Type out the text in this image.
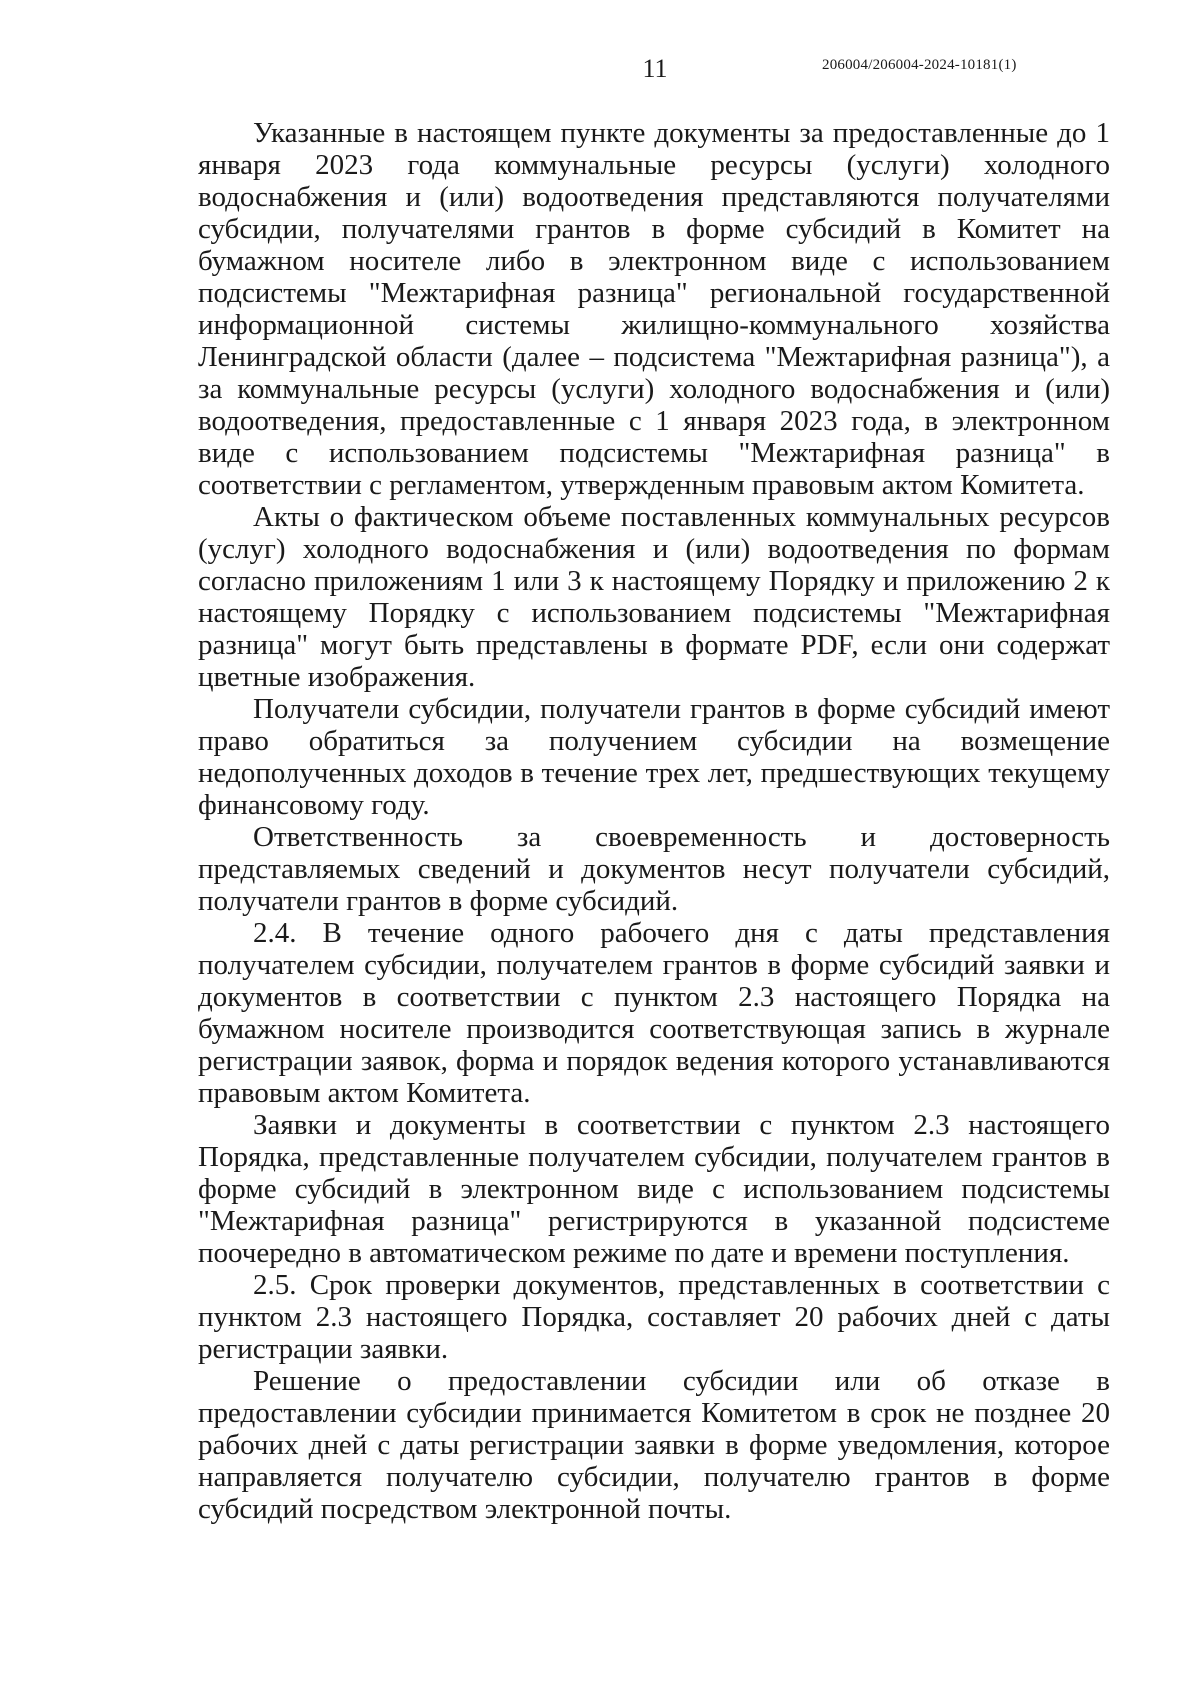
11	206004/206004-2024-10181(1)

Указанные в настоящем пункте документы за предоставленные до 1 января 2023 года коммунальные ресурсы (услуги) холодного водоснабжения и (или) водоотведения представляются получателями субсидии, получателями грантов в форме субсидий в Комитет на бумажном носителе либо в электронном виде с использованием подсистемы "Межтарифная разница" региональной государственной информационной системы жилищно-коммунального хозяйства Ленинградской области (далее – подсистема "Межтарифная разница"), а за коммунальные ресурсы (услуги) холодного водоснабжения и (или) водоотведения, предоставленные с 1 января 2023 года, в электронном виде с использованием подсистемы "Межтарифная разница" в соответствии с регламентом, утвержденным правовым актом Комитета.

Акты о фактическом объеме поставленных коммунальных ресурсов (услуг) холодного водоснабжения и (или) водоотведения по формам согласно приложениям 1 или 3 к настоящему Порядку и приложению 2 к настоящему Порядку с использованием подсистемы "Межтарифная разница" могут быть представлены в формате PDF, если они содержат цветные изображения.

Получатели субсидии, получатели грантов в форме субсидий имеют право обратиться за получением субсидии на возмещение недополученных доходов в течение трех лет, предшествующих текущему финансовому году.

Ответственность за своевременность и достоверность представляемых сведений и документов несут получатели субсидий, получатели грантов в форме субсидий.

2.4. В течение одного рабочего дня с даты представления получателем субсидии, получателем грантов в форме субсидий заявки и документов в соответствии с пунктом 2.3 настоящего Порядка на бумажном носителе производится соответствующая запись в журнале регистрации заявок, форма и порядок ведения которого устанавливаются правовым актом Комитета.

Заявки и документы в соответствии с пунктом 2.3 настоящего Порядка, представленные получателем субсидии, получателем грантов в форме субсидий в электронном виде с использованием подсистемы "Межтарифная разница" регистрируются в указанной подсистеме поочередно в автоматическом режиме по дате и времени поступления.

2.5. Срок проверки документов, представленных в соответствии с пунктом 2.3 настоящего Порядка, составляет 20 рабочих дней с даты регистрации заявки.

Решение о предоставлении субсидии или об отказе в предоставлении субсидии принимается Комитетом в срок не позднее 20 рабочих дней с даты регистрации заявки в форме уведомления, которое направляется получателю субсидии, получателю грантов в форме субсидий посредством электронной почты.
